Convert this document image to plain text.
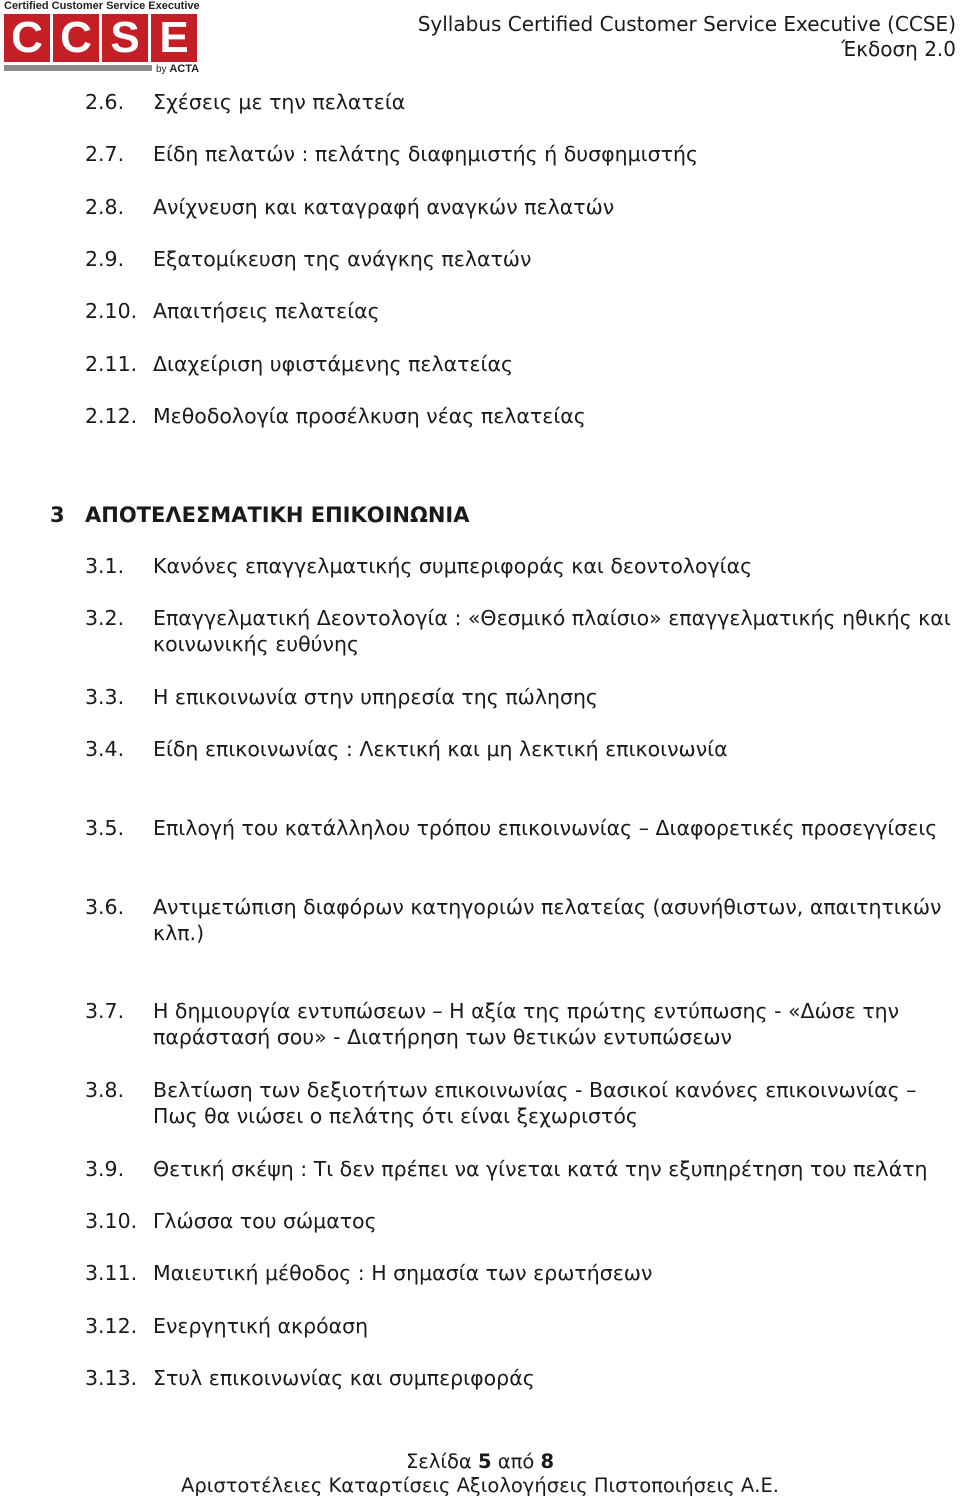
Certified Customer Service Executive
C C S E
by ACTA
Syllabus Certified Customer Service Executive (CCSE)
Έκδοση 2.0
2.6. Σχέσεις με την πελατεία
2.7. Είδη πελατών : πελάτης διαφημιστής ή δυσφημιστής
2.8. Ανίχνευση και καταγραφή αναγκών πελατών
2.9. Εξατομίκευση της ανάγκης πελατών
2.10. Απαιτήσεις πελατείας
2.11. Διαχείριση υφιστάμενης πελατείας
2.12. Μεθοδολογία προσέλκυση νέας πελατείας
3 ΑΠΟΤΕΛΕΣΜΑΤΙΚΗ ΕΠΙΚΟΙΝΩΝΙΑ
3.1. Κανόνες επαγγελματικής συμπεριφοράς και δεοντολογίας
3.2. Επαγγελματική Δεοντολογία : «Θεσμικό πλαίσιο» επαγγελματικής ηθικής και κοινωνικής ευθύνης
3.3. Η επικοινωνία στην υπηρεσία της πώλησης
3.4. Είδη επικοινωνίας : Λεκτική και μη λεκτική επικοινωνία
3.5. Επιλογή του κατάλληλου τρόπου επικοινωνίας – Διαφορετικές προσεγγίσεις
3.6. Αντιμετώπιση διαφόρων κατηγοριών πελατείας (ασυνήθιστων, απαιτητικών κλπ.)
3.7. Η δημιουργία εντυπώσεων – Η αξία της πρώτης εντύπωσης - «Δώσε την παράστασή σου» - Διατήρηση των θετικών εντυπώσεων
3.8. Βελτίωση των δεξιοτήτων επικοινωνίας - Βασικοί κανόνες επικοινωνίας – Πως θα νιώσει ο πελάτης ότι είναι ξεχωριστός
3.9. Θετική σκέψη : Τι δεν πρέπει να γίνεται κατά την εξυπηρέτηση του πελάτη
3.10. Γλώσσα του σώματος
3.11. Μαιευτική μέθοδος : Η σημασία των ερωτήσεων
3.12. Ενεργητική ακρόαση
3.13. Στυλ επικοινωνίας και συμπεριφοράς
Σελίδα 5 από 8
Αριστοτέλειες Καταρτίσεις Αξιολογήσεις Πιστοποιήσεις Α.Ε.
